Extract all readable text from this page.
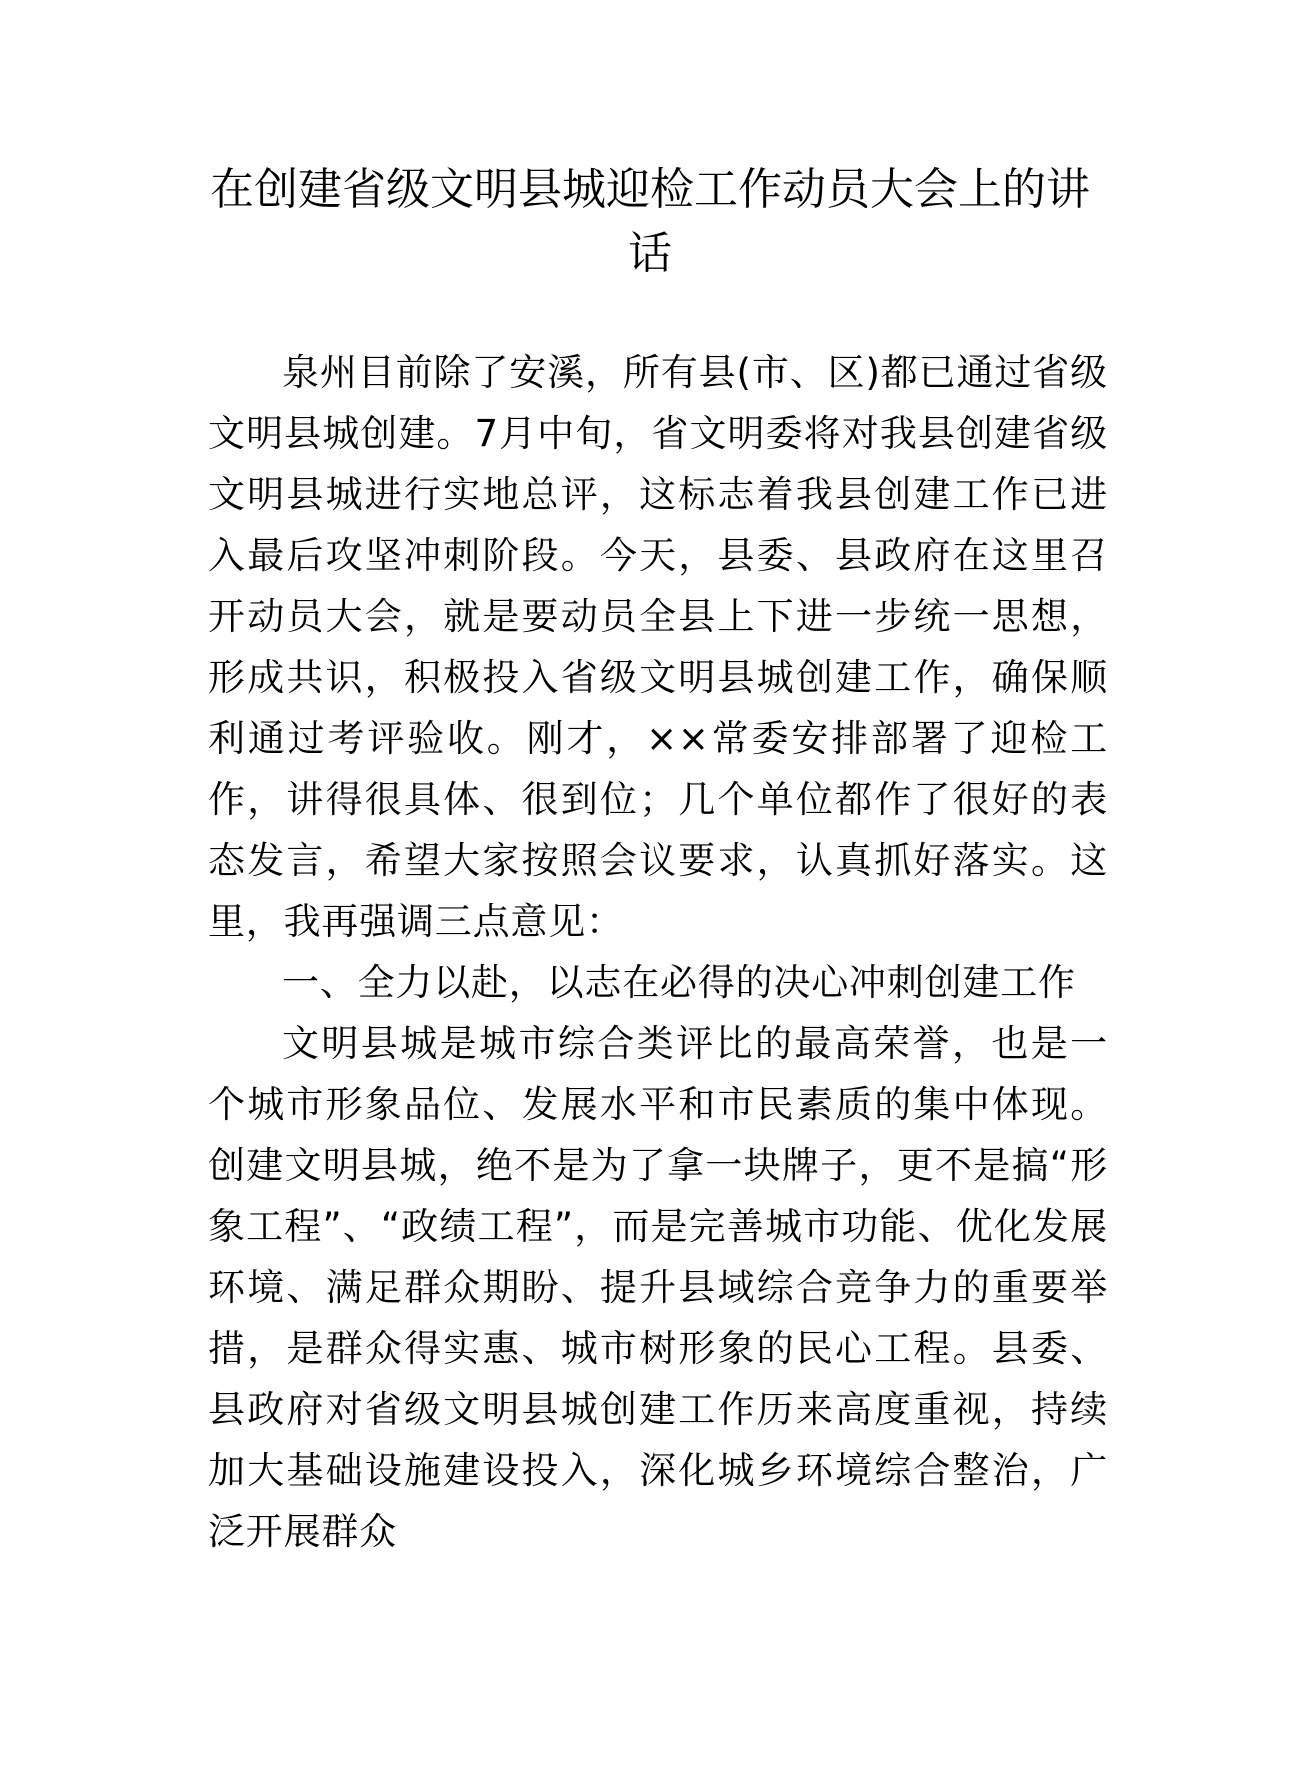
在创建省级文明县城迎检工作动员大会上的讲话

泉州目前除了安溪，所有县(市、区)都已通过省级文明县城创建。7月中旬，省文明委将对我县创建省级文明县城进行实地总评，这标志着我县创建工作已进入最后攻坚冲刺阶段。今天，县委、县政府在这里召开动员大会，就是要动员全县上下进一步统一思想，形成共识，积极投入省级文明县城创建工作，确保顺利通过考评验收。刚才，××常委安排部署了迎检工作，讲得很具体、很到位；几个单位都作了很好的表态发言，希望大家按照会议要求，认真抓好落实。这里，我再强调三点意见：

一、全力以赴，以志在必得的决心冲刺创建工作

文明县城是城市综合类评比的最高荣誉，也是一个城市形象品位、发展水平和市民素质的集中体现。创建文明县城，绝不是为了拿一块牌子，更不是搞“形象工程”、“政绩工程”，而是完善城市功能、优化发展环境、满足群众期盼、提升县域综合竞争力的重要举措，是群众得实惠、城市树形象的民心工程。县委、县政府对省级文明县城创建工作历来高度重视，持续加大基础设施建设投入，深化城乡环境综合整治，广泛开展群众
